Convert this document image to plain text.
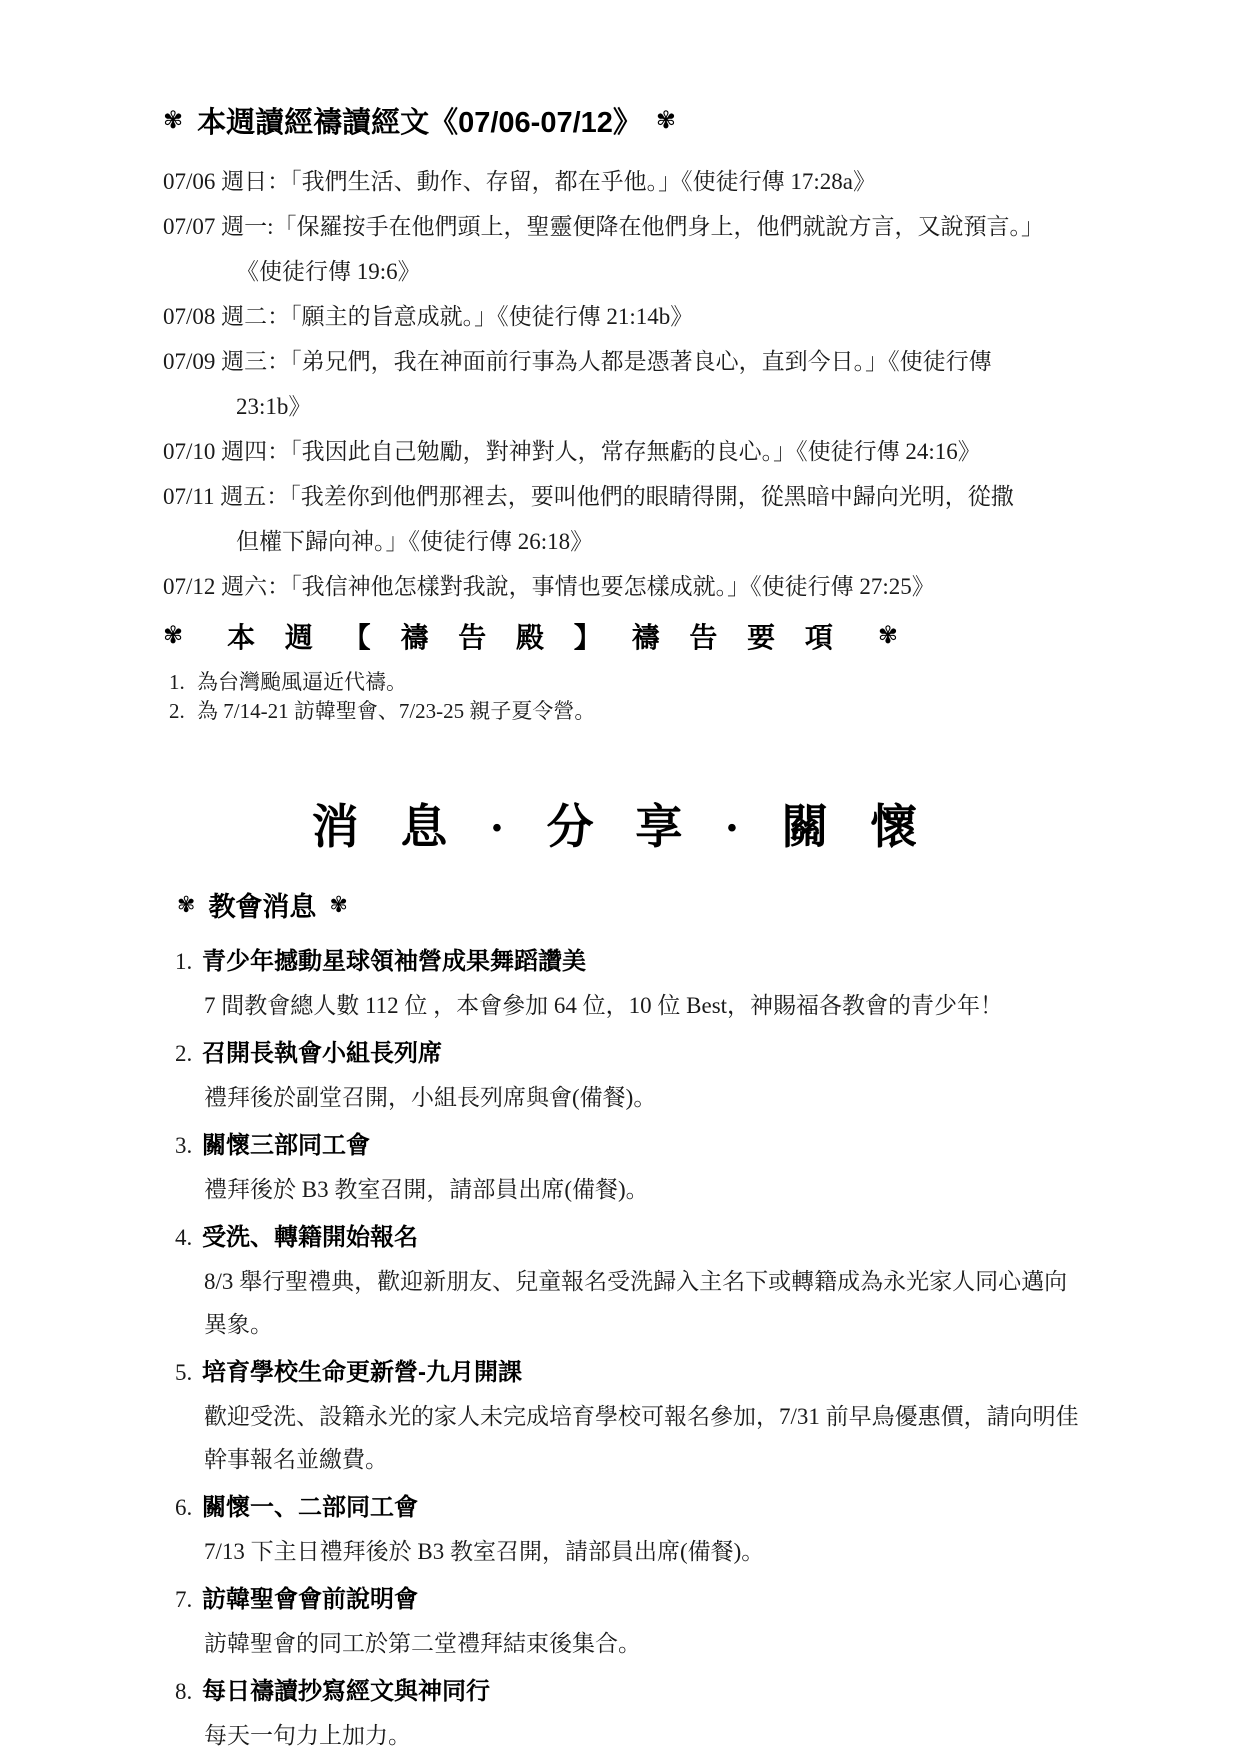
✾ 本週讀經禱讀經文《07/06-07/12》 ✾
07/06 週日：「我們生活、動作、存留，都在乎他。」《使徒行傳 17:28a》
07/07 週一:「保羅按手在他們頭上，聖靈便降在他們身上，他們就說方言，又說預言。」
《使徒行傳 19:6》
07/08 週二：「願主的旨意成就。」《使徒行傳 21:14b》
07/09 週三：「弟兄們，我在神面前行事為人都是憑著良心，直到今日。」《使徒行傳
23:1b》
07/10 週四：「我因此自己勉勵，對神對人，常存無虧的良心。」《使徒行傳 24:16》
07/11 週五：「我差你到他們那裡去，要叫他們的眼睛得開，從黑暗中歸向光明，從撒
但權下歸向神。」《使徒行傳 26:18》
07/12 週六：「我信神他怎樣對我說，事情也要怎樣成就。」《使徒行傳 27:25》
✾ 本 週 【 禱 告 殿 】 禱 告 要 項 ✾
1. 為台灣颱風逼近代禱。
2. 為 7/14-21 訪韓聖會、7/23-25 親子夏令營。
消 息 · 分 享 · 關 懷
✾ 教會消息 ✾
1. 青少年撼動星球領袖營成果舞蹈讚美
7 間教會總人數 112 位 ，本會參加 64 位，10 位 Best，神賜福各教會的青少年！
2. 召開長執會小組長列席
禮拜後於副堂召開，小組長列席與會(備餐)。
3. 關懷三部同工會
禮拜後於 B3 教室召開，請部員出席(備餐)。
4. 受洗、轉籍開始報名
8/3 舉行聖禮典，歡迎新朋友、兒童報名受洗歸入主名下或轉籍成為永光家人同心邁向
異象。
5. 培育學校生命更新營-九月開課
歡迎受洗、設籍永光的家人未完成培育學校可報名參加，7/31 前早鳥優惠價，請向明佳
幹事報名並繳費。
6. 關懷一、二部同工會
7/13 下主日禮拜後於 B3 教室召開，請部員出席(備餐)。
7. 訪韓聖會會前說明會
訪韓聖會的同工於第二堂禮拜結束後集合。
8. 每日禱讀抄寫經文與神同行
每天一句力上加力。
